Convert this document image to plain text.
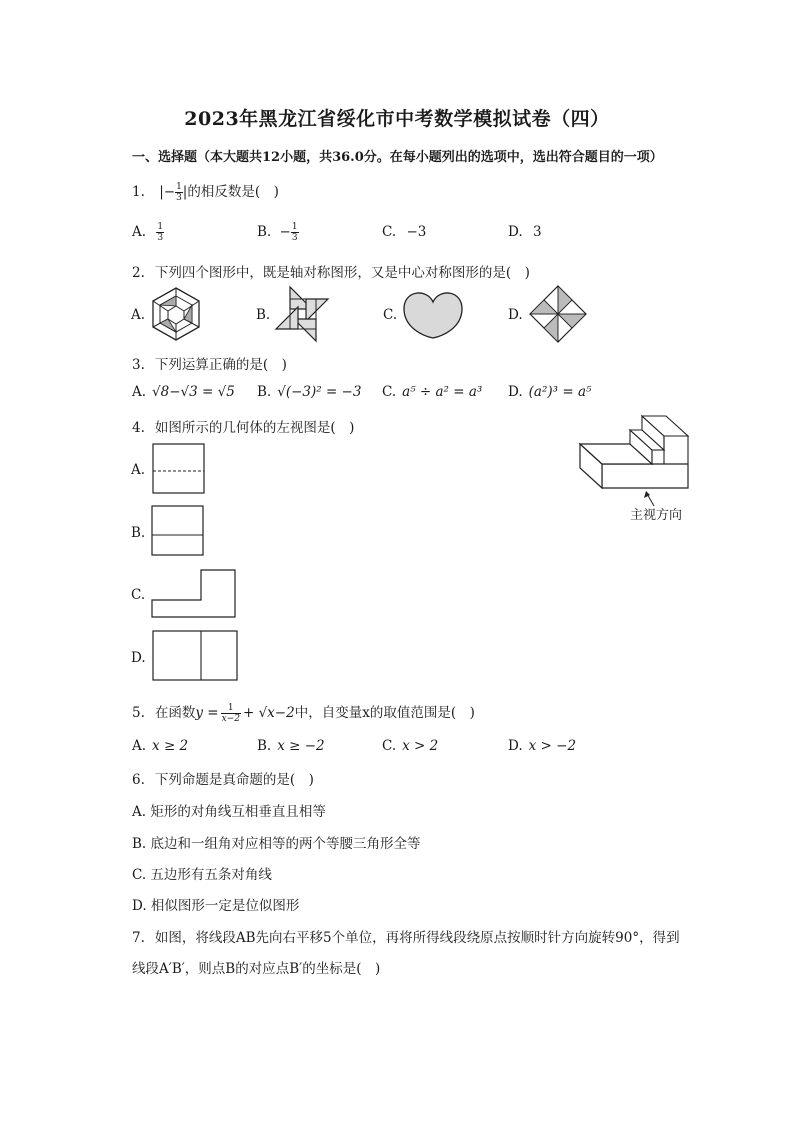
2023年黑龙江省绥化市中考数学模拟试卷（四）
一、选择题（本大题共12小题，共36.0分。在每小题列出的选项中，选出符合题目的一项）
1. |− $\frac{1}{3}$ |的相反数是(　)
A. $\frac{1}{3}$	B. − $\frac{1}{3}$	C. −3	D. 3
2. 下列四个图形中，既是轴对称图形，又是中心对称图形的是(　)
A.	B.	C.	D.
3. 下列运算正确的是(　)
A. √8−√3 = √5 B. √(−3)² = −3 C. a⁵ ÷ a² = a³ D. (a²)³ = a⁵
4. 如图所示的几何体的左视图是(　)
主视方向
A.
B.
C.
D.
5. 在函数$y = \frac{1}{x-2} + √x-2$中，自变量x的取值范围是(　)
A. x ≥ 2	B. x ≥ −2	C. x > 2	D. x > −2
6. 下列命题是真命题的是(　)
A. 矩形的对角线互相垂直且相等
B. 底边和一组角对应相等的两个等腰三角形全等
C. 五边形有五条对角线
D. 相似图形一定是位似图形
7. 如图，将线段AB先向右平移5个单位，再将所得线段绕原点按顺时针方向旋转90°，得到
线段A′B′，则点B的对应点B′的坐标是(　)
